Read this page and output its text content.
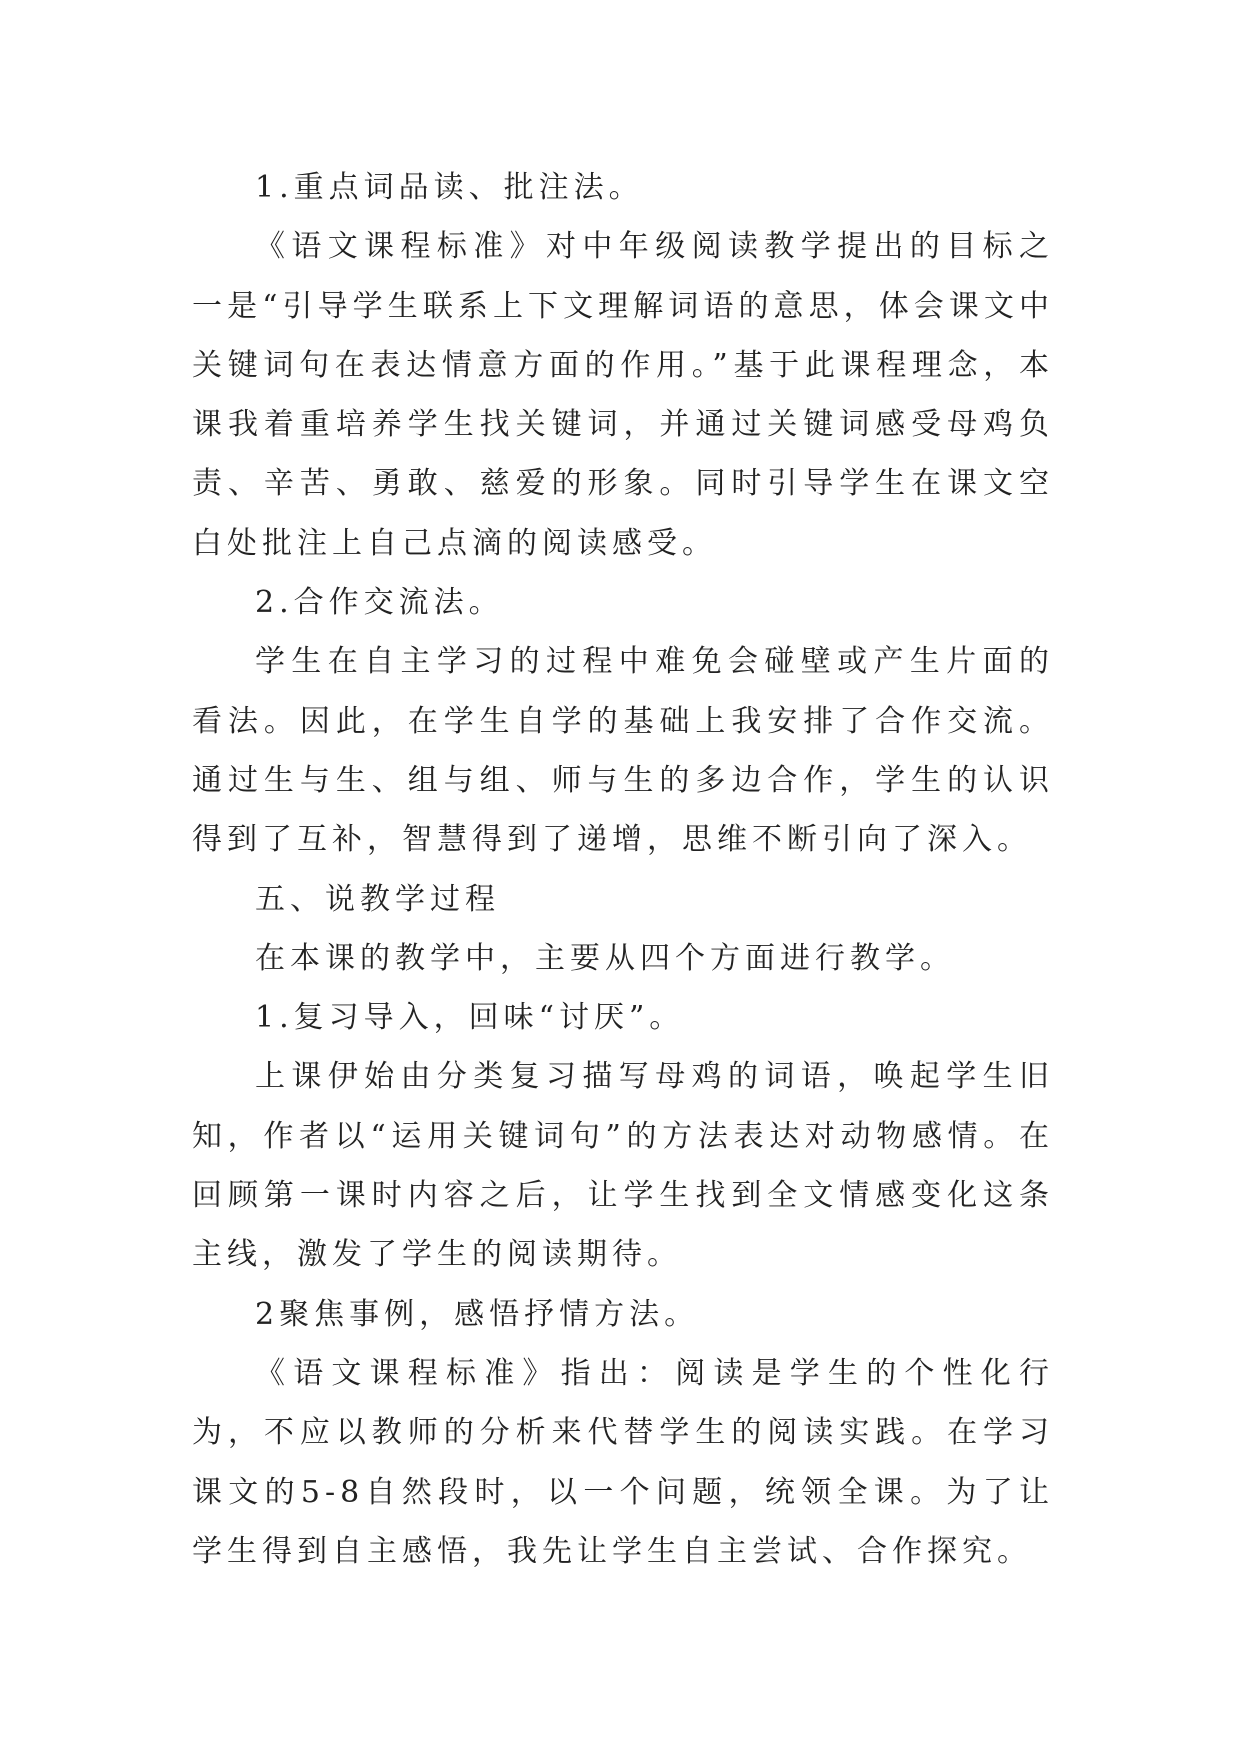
1.重点词品读、批注法。

《语文课程标准》对中年级阅读教学提出的目标之一是“引导学生联系上下文理解词语的意思，体会课文中关键词句在表达情意方面的作用。”基于此课程理念，本课我着重培养学生找关键词，并通过关键词感受母鸡负责、辛苦、勇敢、慈爱的形象。同时引导学生在课文空白处批注上自己点滴的阅读感受。

2.合作交流法。

学生在自主学习的过程中难免会碰壁或产生片面的看法。因此，在学生自学的基础上我安排了合作交流。通过生与生、组与组、师与生的多边合作，学生的认识得到了互补，智慧得到了递增，思维不断引向了深入。

五、说教学过程

在本课的教学中，主要从四个方面进行教学。

1.复习导入，回味“讨厌”。

上课伊始由分类复习描写母鸡的词语，唤起学生旧知，作者以“运用关键词句”的方法表达对动物感情。在回顾第一课时内容之后，让学生找到全文情感变化这条主线，激发了学生的阅读期待。

2聚焦事例，感悟抒情方法。

《语文课程标准》指出：阅读是学生的个性化行为，不应以教师的分析来代替学生的阅读实践。在学习课文的5-8自然段时，以一个问题，统领全课。为了让学生得到自主感悟，我先让学生自主尝试、合作探究。
